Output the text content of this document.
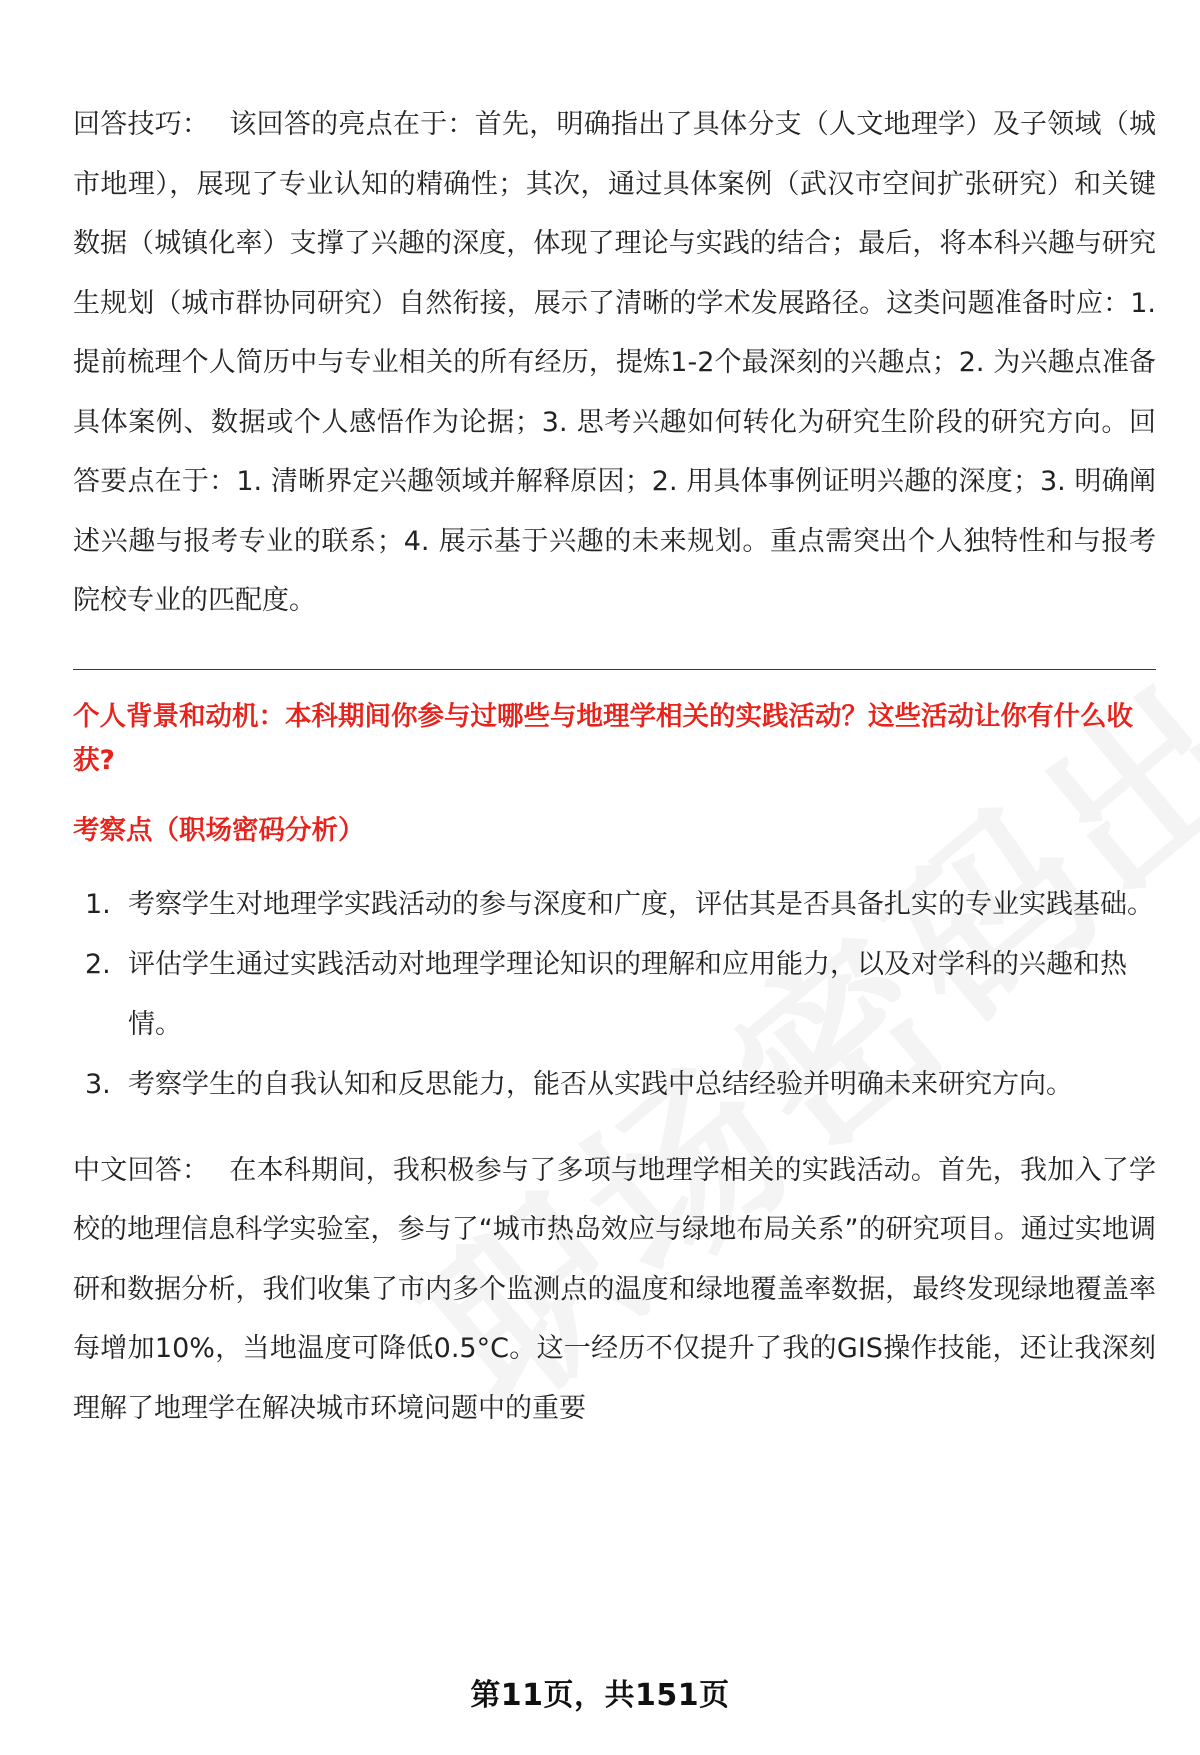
回答技巧： 该回答的亮点在于：首先，明确指出了具体分支（人文地理学）及子领域（城市地理），展现了专业认知的精确性；其次，通过具体案例（武汉市空间扩张研究）和关键数据（城镇化率）支撑了兴趣的深度，体现了理论与实践的结合；最后，将本科兴趣与研究生规划（城市群协同研究）自然衔接，展示了清晰的学术发展路径。这类问题准备时应：1. 提前梳理个人简历中与专业相关的所有经历，提炼1-2个最深刻的兴趣点；2. 为兴趣点准备具体案例、数据或个人感悟作为论据；3. 思考兴趣如何转化为研究生阶段的研究方向。回答要点在于：1. 清晰界定兴趣领域并解释原因；2. 用具体事例证明兴趣的深度；3. 明确阐述兴趣与报考专业的联系；4. 展示基于兴趣的未来规划。重点需突出个人独特性和与报考院校专业的匹配度。

个人背景和动机：本科期间你参与过哪些与地理学相关的实践活动？这些活动让你有什么收获?
考察点（职场密码分析）
1. 考察学生对地理学实践活动的参与深度和广度，评估其是否具备扎实的专业实践基础。
2. 评估学生通过实践活动对地理学理论知识的理解和应用能力，以及对学科的兴趣和热情。
3. 考察学生的自我认知和反思能力，能否从实践中总结经验并明确未来研究方向。

中文回答： 在本科期间，我积极参与了多项与地理学相关的实践活动。首先，我加入了学校的地理信息科学实验室，参与了“城市热岛效应与绿地布局关系”的研究项目。通过实地调研和数据分析，我们收集了市内多个监测点的温度和绿地覆盖率数据，最终发现绿地覆盖率每增加10%，当地温度可降低0.5°C。这一经历不仅提升了我的GIS操作技能，还让我深刻理解了地理学在解决城市环境问题中的重要

第11页，共151页
